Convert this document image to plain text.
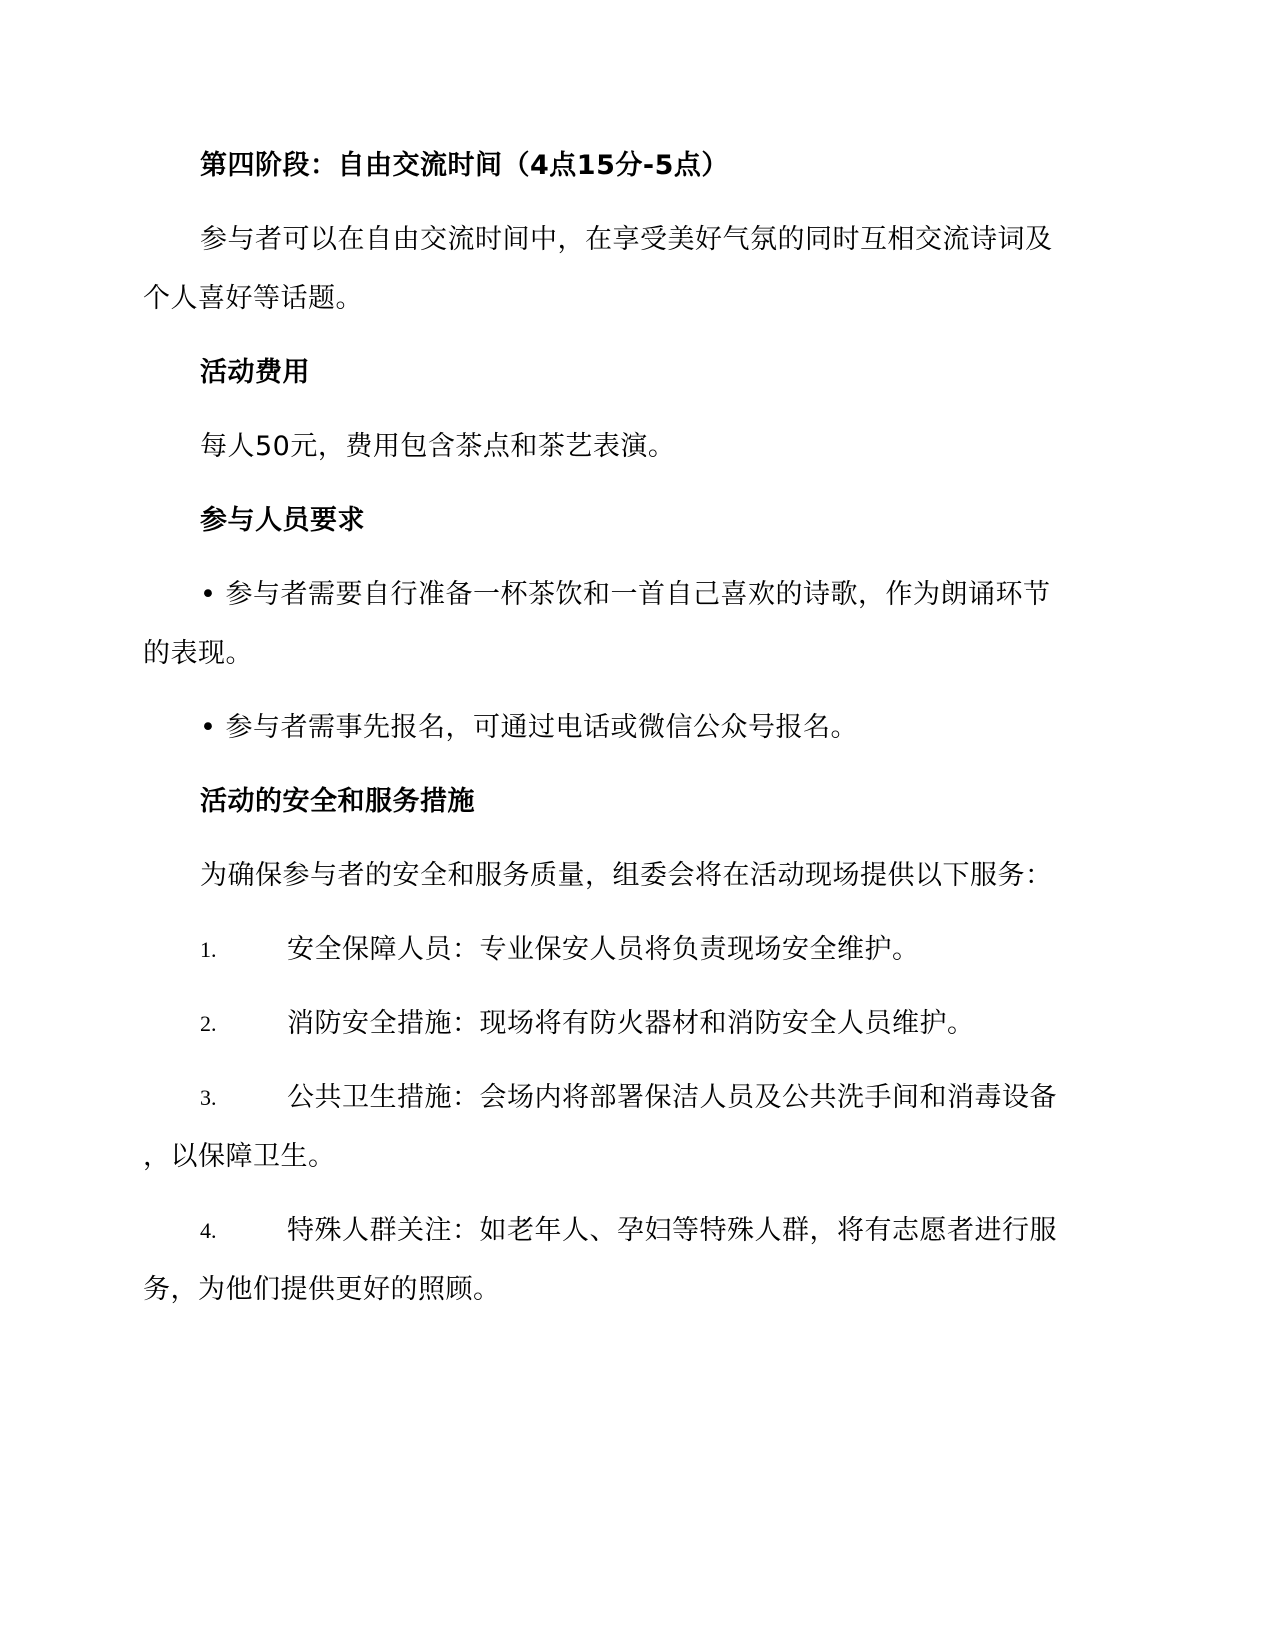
第四阶段：自由交流时间（4点15分-5点）
参与者可以在自由交流时间中，在享受美好气氛的同时互相交流诗词及
个人喜好等话题。
活动费用
每人50元，费用包含茶点和茶艺表演。
参与人员要求
• 参与者需要自行准备一杯茶饮和一首自己喜欢的诗歌，作为朗诵环节
的表现。
• 参与者需事先报名，可通过电话或微信公众号报名。
活动的安全和服务措施
为确保参与者的安全和服务质量，组委会将在活动现场提供以下服务：
1.	安全保障人员：专业保安人员将负责现场安全维护。
2.	消防安全措施：现场将有防火器材和消防安全人员维护。
3.	公共卫生措施：会场内将部署保洁人员及公共洗手间和消毒设备
，以保障卫生。
4.	特殊人群关注：如老年人、孕妇等特殊人群，将有志愿者进行服
务，为他们提供更好的照顾。
